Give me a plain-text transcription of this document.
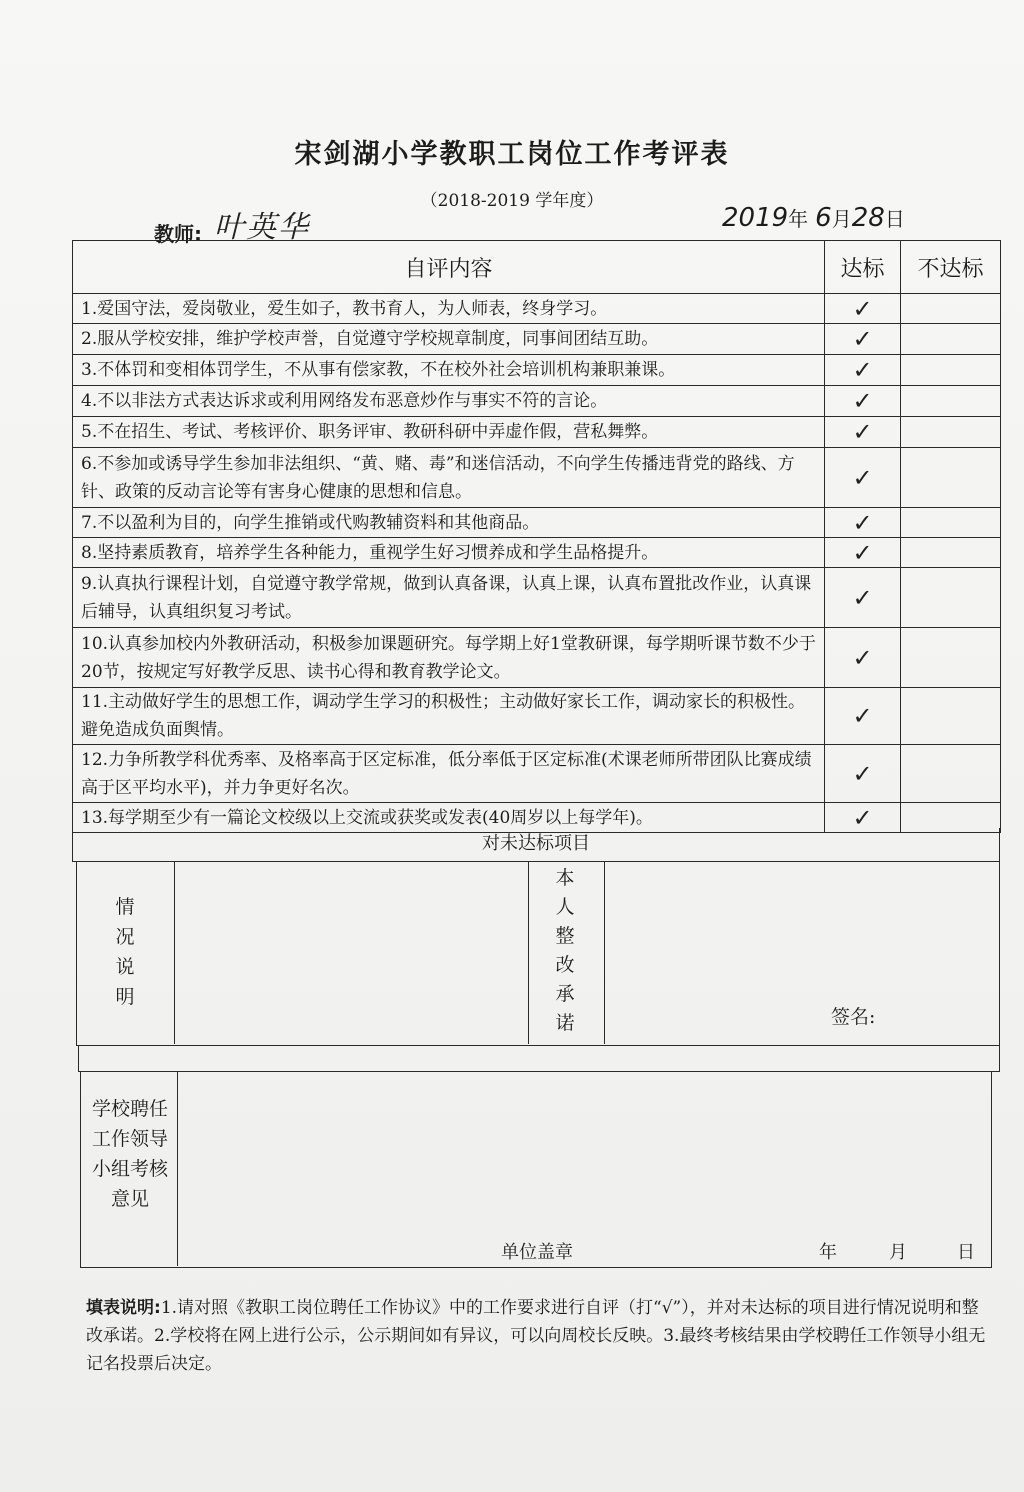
宋剑湖小学教职工岗位工作考评表
（2018-2019 学年度）
教师: 叶英华	2019年 6月28日
自评内容	达标	不达标
1.爱国守法，爱岗敬业，爱生如子，教书育人，为人师表，终身学习。	✓	
2.服从学校安排，维护学校声誉，自觉遵守学校规章制度，同事间团结互助。	✓	
3.不体罚和变相体罚学生，不从事有偿家教，不在校外社会培训机构兼职兼课。	✓	
4.不以非法方式表达诉求或利用网络发布恶意炒作与事实不符的言论。	✓	
5.不在招生、考试、考核评价、职务评审、教研科研中弄虚作假，营私舞弊。	✓	
6.不参加或诱导学生参加非法组织、“黄、赌、毒”和迷信活动，不向学生传播违背党的路线、方针、政策的反动言论等有害身心健康的思想和信息。	✓	
7.不以盈利为目的，向学生推销或代购教辅资料和其他商品。	✓	
8.坚持素质教育，培养学生各种能力，重视学生好习惯养成和学生品格提升。	✓	
9.认真执行课程计划，自觉遵守教学常规，做到认真备课，认真上课，认真布置批改作业，认真课后辅导，认真组织复习考试。	✓	
10.认真参加校内外教研活动，积极参加课题研究。每学期上好1堂教研课，每学期听课节数不少于20节，按规定写好教学反思、读书心得和教育教学论文。	✓	
11.主动做好学生的思想工作，调动学生学习的积极性；主动做好家长工作，调动家长的积极性。避免造成负面舆情。	✓	
12.力争所教学科优秀率、及格率高于区定标准，低分率低于区定标准(术课老师所带团队比赛成绩高于区平均水平)，并力争更好名次。	✓	
13.每学期至少有一篇论文校级以上交流或获奖或发表(40周岁以上每学年)。	✓	
对未达标项目
情况说明
本人整改承诺	签名:
学校聘任工作领导小组考核意见
单位盖章	年	月	日
填表说明:1.请对照《教职工岗位聘任工作协议》中的工作要求进行自评（打“√”），并对未达标的项目进行情况说明和整改承诺。2.学校将在网上进行公示，公示期间如有异议，可以向周校长反映。3.最终考核结果由学校聘任工作领导小组无记名投票后决定。
